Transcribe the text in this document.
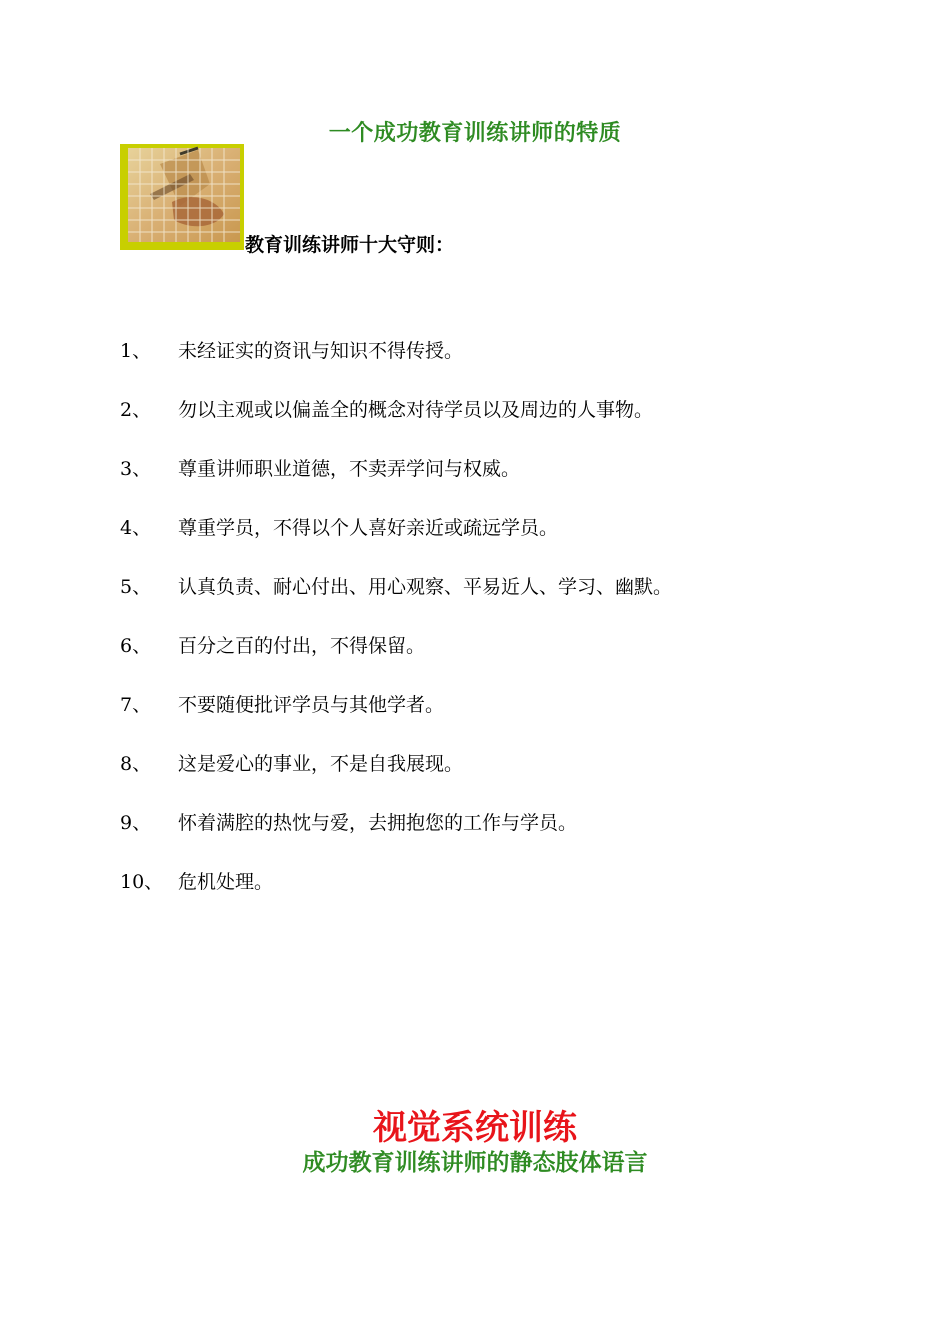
一个成功教育训练讲师的特质
教育训练讲师十大守则：
1、	未经证实的资讯与知识不得传授。
2、	勿以主观或以偏盖全的概念对待学员以及周边的人事物。
3、	尊重讲师职业道德，不卖弄学问与权威。
4、	尊重学员，不得以个人喜好亲近或疏远学员。
5、	认真负责、耐心付出、用心观察、平易近人、学习、幽默。
6、	百分之百的付出，不得保留。
7、	不要随便批评学员与其他学者。
8、	这是爱心的事业，不是自我展现。
9、	怀着满腔的热忱与爱，去拥抱您的工作与学员。
10、 危机处理。
视觉系统训练
成功教育训练讲师的静态肢体语言
